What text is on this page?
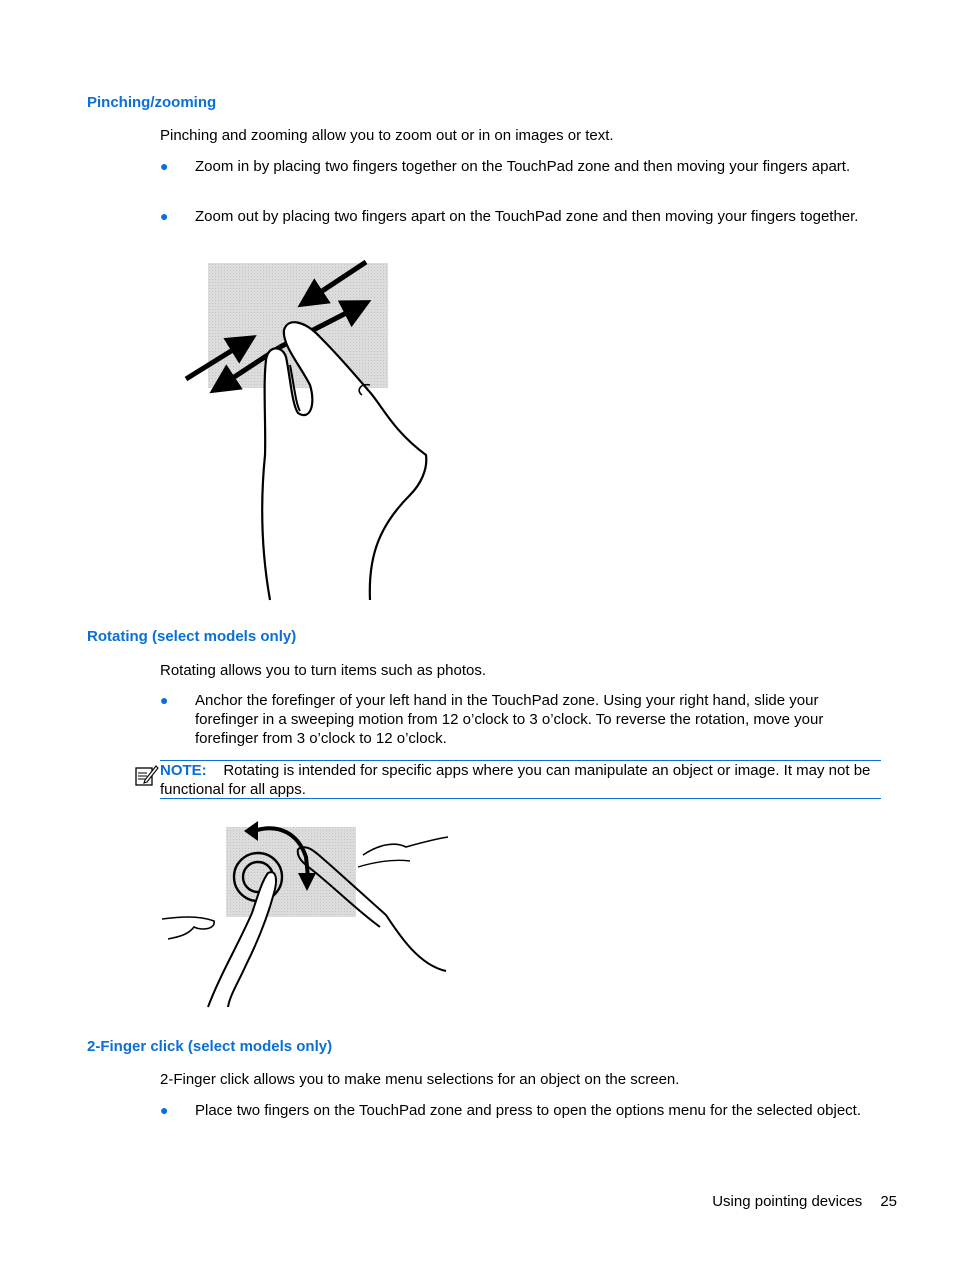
Pinching/zooming

Pinching and zooming allow you to zoom out or in on images or text.

● Zoom in by placing two fingers together on the TouchPad zone and then moving your fingers apart.
● Zoom out by placing two fingers apart on the TouchPad zone and then moving your fingers together.
Rotating (select models only)

Rotating allows you to turn items such as photos.

● Anchor the forefinger of your left hand in the TouchPad zone. Using your right hand, slide your forefinger in a sweeping motion from 12 o’clock to 3 o’clock. To reverse the rotation, move your forefinger from 3 o’clock to 12 o’clock.
NOTE: Rotating is intended for specific apps where you can manipulate an object or image. It may not be functional for all apps.
2-Finger click (select models only)

2-Finger click allows you to make menu selections for an object on the screen.

● Place two fingers on the TouchPad zone and press to open the options menu for the selected object.
Using pointing devices 25
